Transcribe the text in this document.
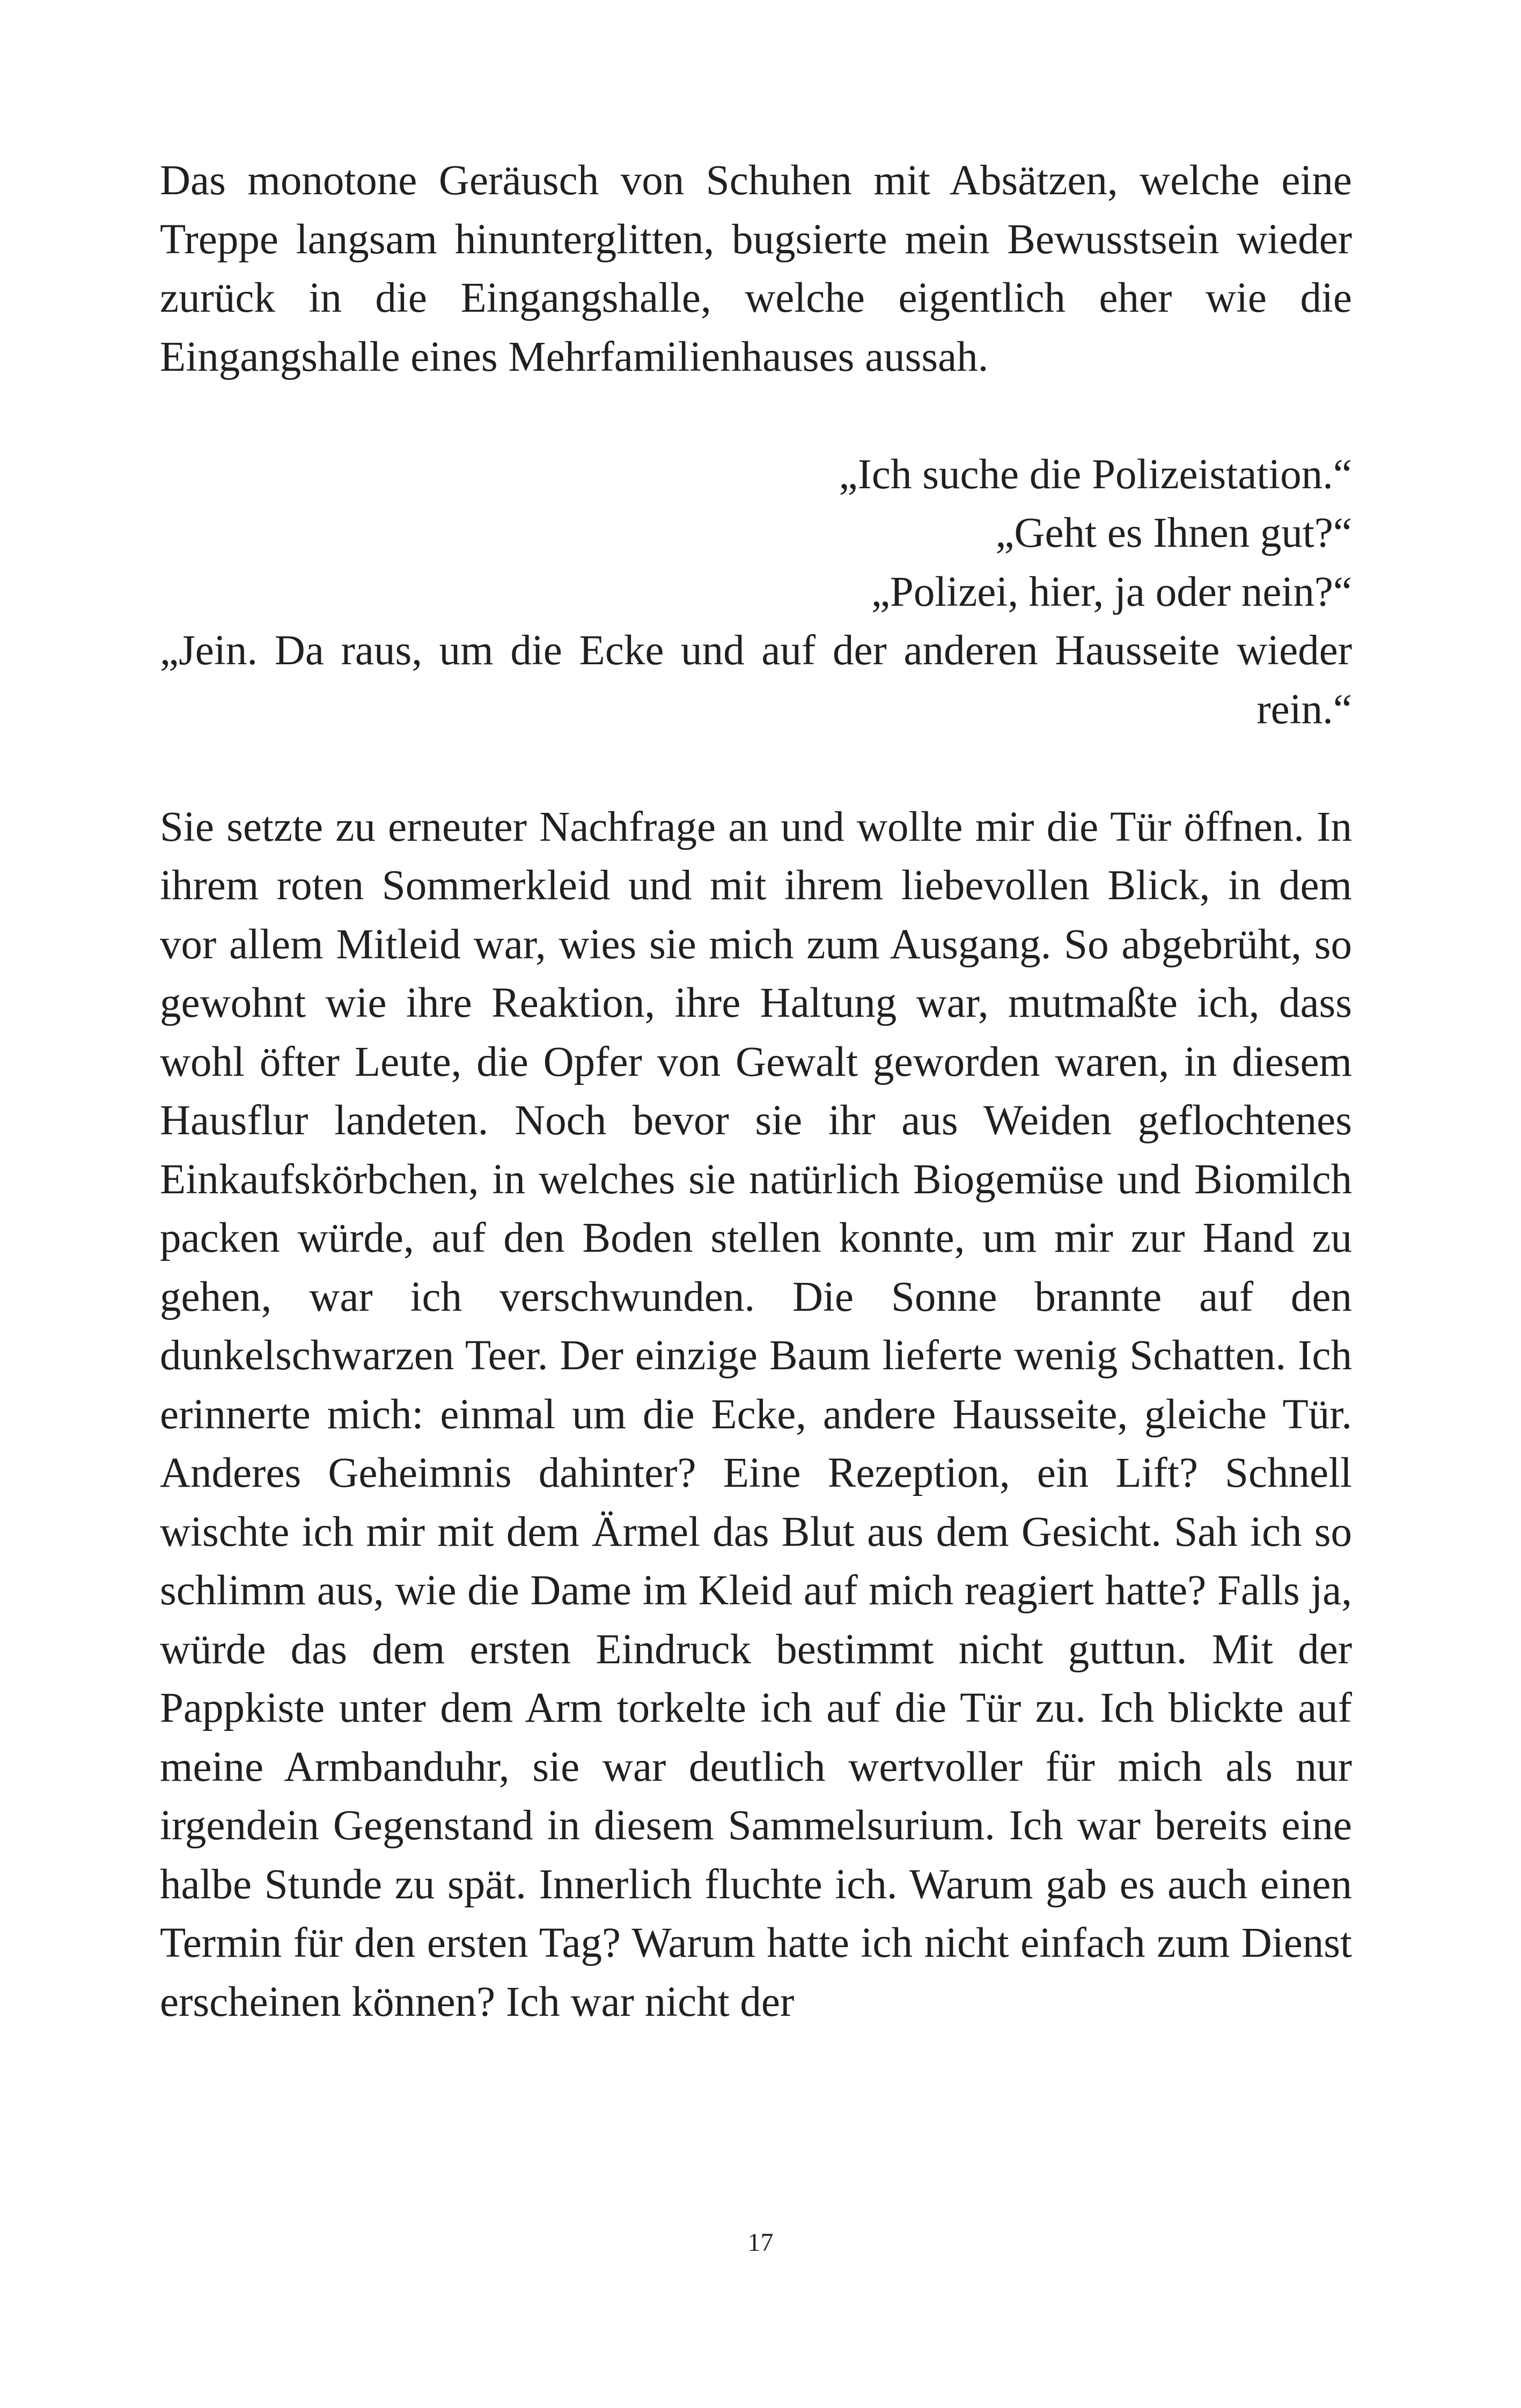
Das monotone Geräusch von Schuhen mit Absätzen, welche eine Treppe langsam hinunterglitten, bugsierte mein Bewusstsein wieder zurück in die Eingangshalle, welche eigentlich eher wie die Eingangshalle eines Mehrfamilienhauses aussah.

„Ich suche die Polizeistation.“
„Geht es Ihnen gut?“
„Polizei, hier, ja oder nein?“
„Jein. Da raus, um die Ecke und auf der anderen Hausseite wieder rein.“

Sie setzte zu erneuter Nachfrage an und wollte mir die Tür öffnen. In ihrem roten Sommerkleid und mit ihrem liebevollen Blick, in dem vor allem Mitleid war, wies sie mich zum Ausgang. So abgebrüht, so gewohnt wie ihre Reaktion, ihre Haltung war, mutmaßte ich, dass wohl öfter Leute, die Opfer von Gewalt geworden waren, in diesem Hausflur landeten. Noch bevor sie ihr aus Weiden geflochtenes Einkaufskörbchen, in welches sie natürlich Biogemüse und Biomilch packen würde, auf den Boden stellen konnte, um mir zur Hand zu gehen, war ich verschwunden. Die Sonne brannte auf den dunkelschwarzen Teer. Der einzige Baum lieferte wenig Schatten. Ich erinnerte mich: einmal um die Ecke, andere Hausseite, gleiche Tür. Anderes Geheimnis dahinter? Eine Rezeption, ein Lift? Schnell wischte ich mir mit dem Ärmel das Blut aus dem Gesicht. Sah ich so schlimm aus, wie die Dame im Kleid auf mich reagiert hatte? Falls ja, würde das dem ersten Eindruck bestimmt nicht guttun. Mit der Pappkiste unter dem Arm torkelte ich auf die Tür zu. Ich blickte auf meine Armbanduhr, sie war deutlich wertvoller für mich als nur irgendein Gegenstand in diesem Sammelsurium. Ich war bereits eine halbe Stunde zu spät. Innerlich fluchte ich. Warum gab es auch einen Termin für den ersten Tag? Warum hatte ich nicht einfach zum Dienst erscheinen können? Ich war nicht der

17
